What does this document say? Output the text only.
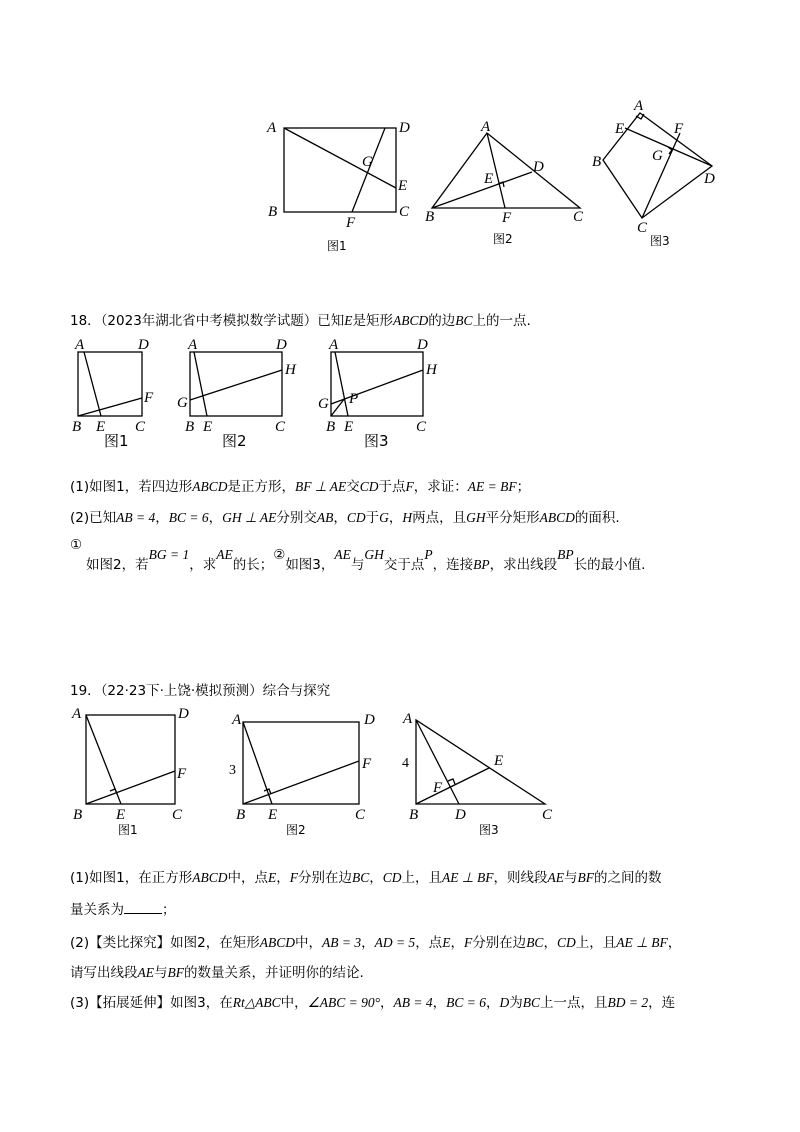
A
B	C
D
E
F
G
图1
A
B	C
D
E
F
图2
A
B
C
D
E	F
G
图3
18．（2023年湖北省中考模拟数学试题）已知E是矩形ABCD的边BC上的一点.
A	D
F
B E C
图1
A	D
H
G
B E	C
图2
A	D
H
G P
B E	C
图3
(1)如图1，若四边形ABCD是正方形，BF ⊥ AE交CD于点F，求证：AE = BF；
(2)已知AB = 4，BC = 6，GH ⊥ AE分别交AB，CD于G，H两点，且GH平分矩形ABCD的面积.
①
如图2，若BG = 1，求AE的长；②如图3，AE与GH交于点P，连接BP，求出线段BP长的最小值.
19．（22·23下·上饶·模拟预测）综合与探究
A	D
F
B E	C
图1
A	D
F
3
B E	C
图2
A
4	E
F
B D	C
图3
(1)如图1，在正方形ABCD中，点E，F分别在边BC，CD上，且AE ⊥ BF，则线段AE与BF的之间的数
量关系为	；
(2)【类比探究】如图2，在矩形ABCD中，AB = 3，AD = 5，点E，F分别在边BC，CD上，且AE ⊥ BF，
请写出线段AE与BF的数量关系，并证明你的结论.
(3)【拓展延伸】如图3，在Rt△ABC中，∠ABC = 90°，AB = 4，BC = 6，D为BC上一点，且BD = 2，连
